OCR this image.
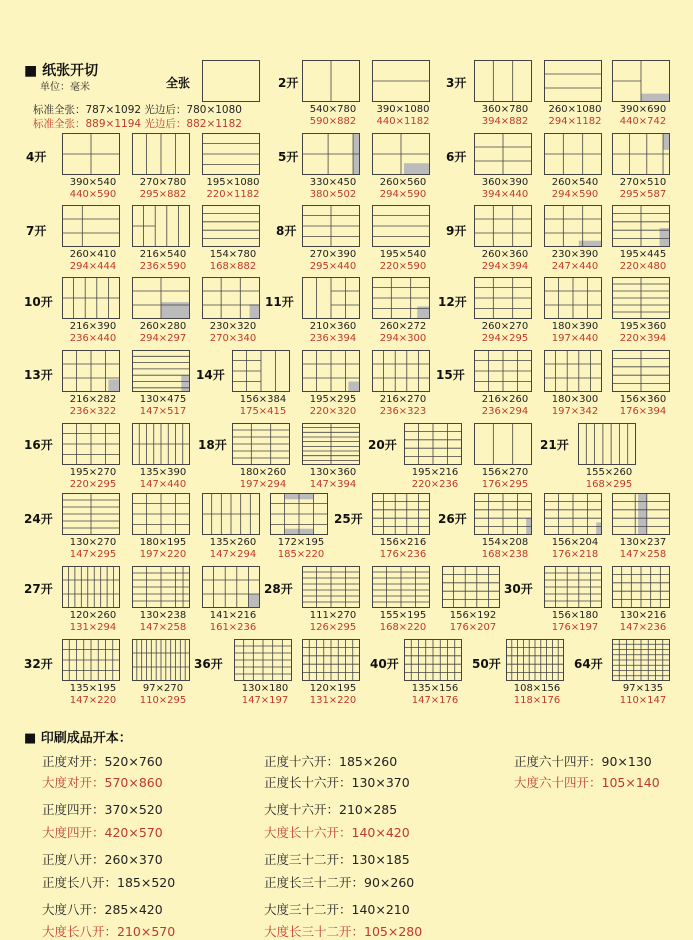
■ 纸张开切
单位：毫米
标准全张：787×1092 光边后：780×1080
标准全张：889×1194 光边后：882×1182
全张	2开	3开
4开	5开	6开
7开	8开	9开
10开	11开	12开
13开	14开	15开
16开	18开	20开	21开
24开	25开	26开
27开	28开	30开
32开	36开	40开	50开	64开
540×780
590×882
390×1080
440×1182
360×780
394×882
260×1080
294×1182
390×690
440×742
390×540
440×590
270×780
295×882
195×1080
220×1182
330×450
380×502
260×560
294×590
360×390
394×440
260×540
294×590
270×510
295×587
260×410
294×444
216×540
236×590
154×780
168×882
270×390
295×440
195×540
220×590
260×360
294×394
230×390
247×440
195×445
220×480
216×390
236×440
260×280
294×297
230×320
270×340
210×360
236×394
260×272
294×300
260×270
294×295
180×390
197×440
195×360
220×394
216×282
236×322
130×475
147×517
156×384
175×415
195×295
220×320
216×270
236×323
216×260
236×294
180×300
197×342
156×360
176×394
195×270
220×295
135×390
147×440
180×260
197×294
130×360
147×394
195×216
220×236
156×270
176×295
155×260
168×295
130×270
147×295
180×195
197×220
135×260
147×294
172×195
185×220
156×216
176×236
154×208
168×238
156×204
176×218
130×237
147×258
120×260
131×294
130×238
147×258
141×216
161×236
111×270
126×295
155×195
168×220
156×192
176×207
156×180
176×197
130×216
147×236
135×195
147×220
97×270
110×295
130×180
147×197
120×195
131×220
135×156
147×176
108×156
118×176
97×135
110×147
■ 印刷成品开本：
正度对开：520×760	正度十六开：185×260	正度六十四开：90×130
大度对开：570×860	正度长十六开：130×370	大度六十四开：105×140
正度四开：370×520	大度十六开：210×285
大度四开：420×570	大度长十六开：140×420
正度八开：260×370	正度三十二开：130×185
正度长八开：185×520	正度长三十二开：90×260
大度八开：285×420	大度三十二开：140×210
大度长八开：210×570	大度长三十二开：105×280
